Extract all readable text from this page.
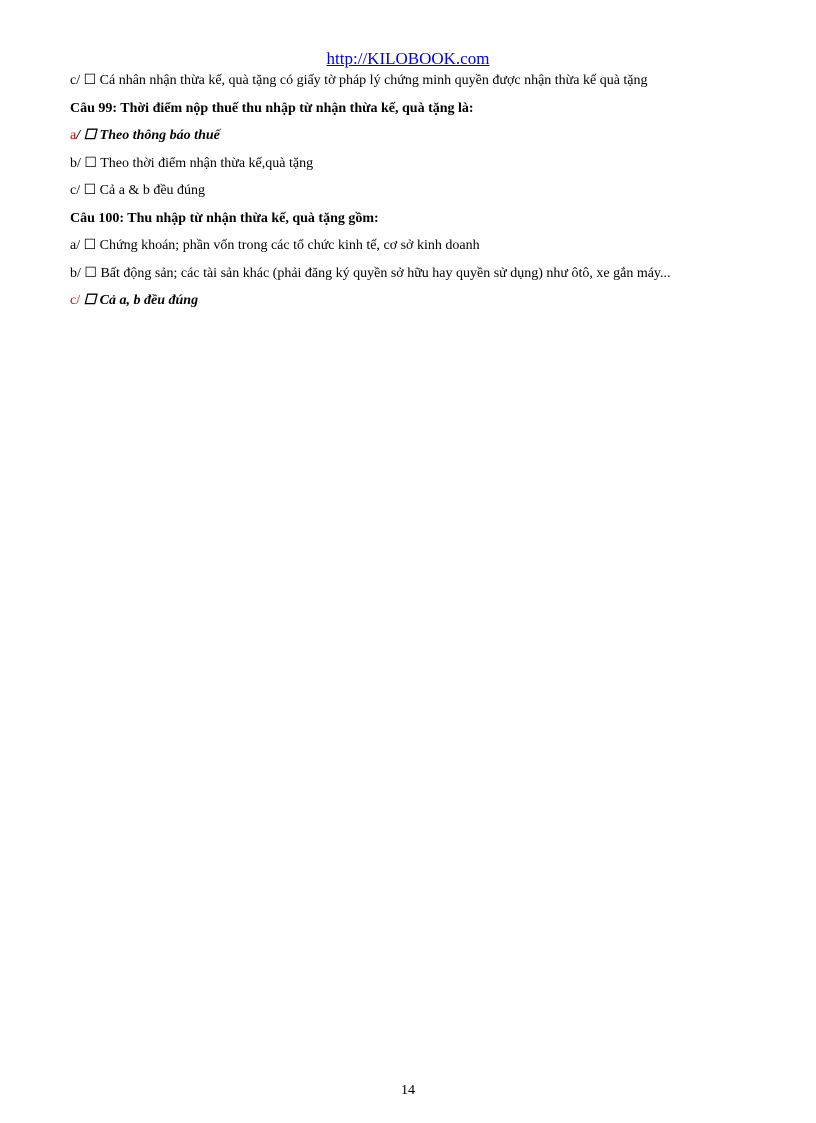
http://KILOBOOK.com
c/ ☐ Cá nhân nhận thừa kế, quà tặng có giấy tờ pháp lý chứng minh quyền được nhận thừa kế quà tặng
Câu 99: Thời điểm nộp thuế thu nhập từ nhận thừa kế, quà tặng là:
a/ ☐ Theo thông báo thuế
b/ ☐ Theo thời điểm nhận thừa kế,quà tặng
c/ ☐ Cả a & b đều đúng
Câu 100: Thu nhập từ nhận thừa kế, quà tặng gồm:
a/ ☐ Chứng khoán; phần vốn trong các tổ chức kinh tế, cơ sở kinh doanh
b/ ☐ Bất động sản; các tài sản khác (phải đăng ký quyền sở hữu hay quyền sử dụng) như ôtô, xe gắn máy...
c/ ☐ Cả a, b đều đúng
14
